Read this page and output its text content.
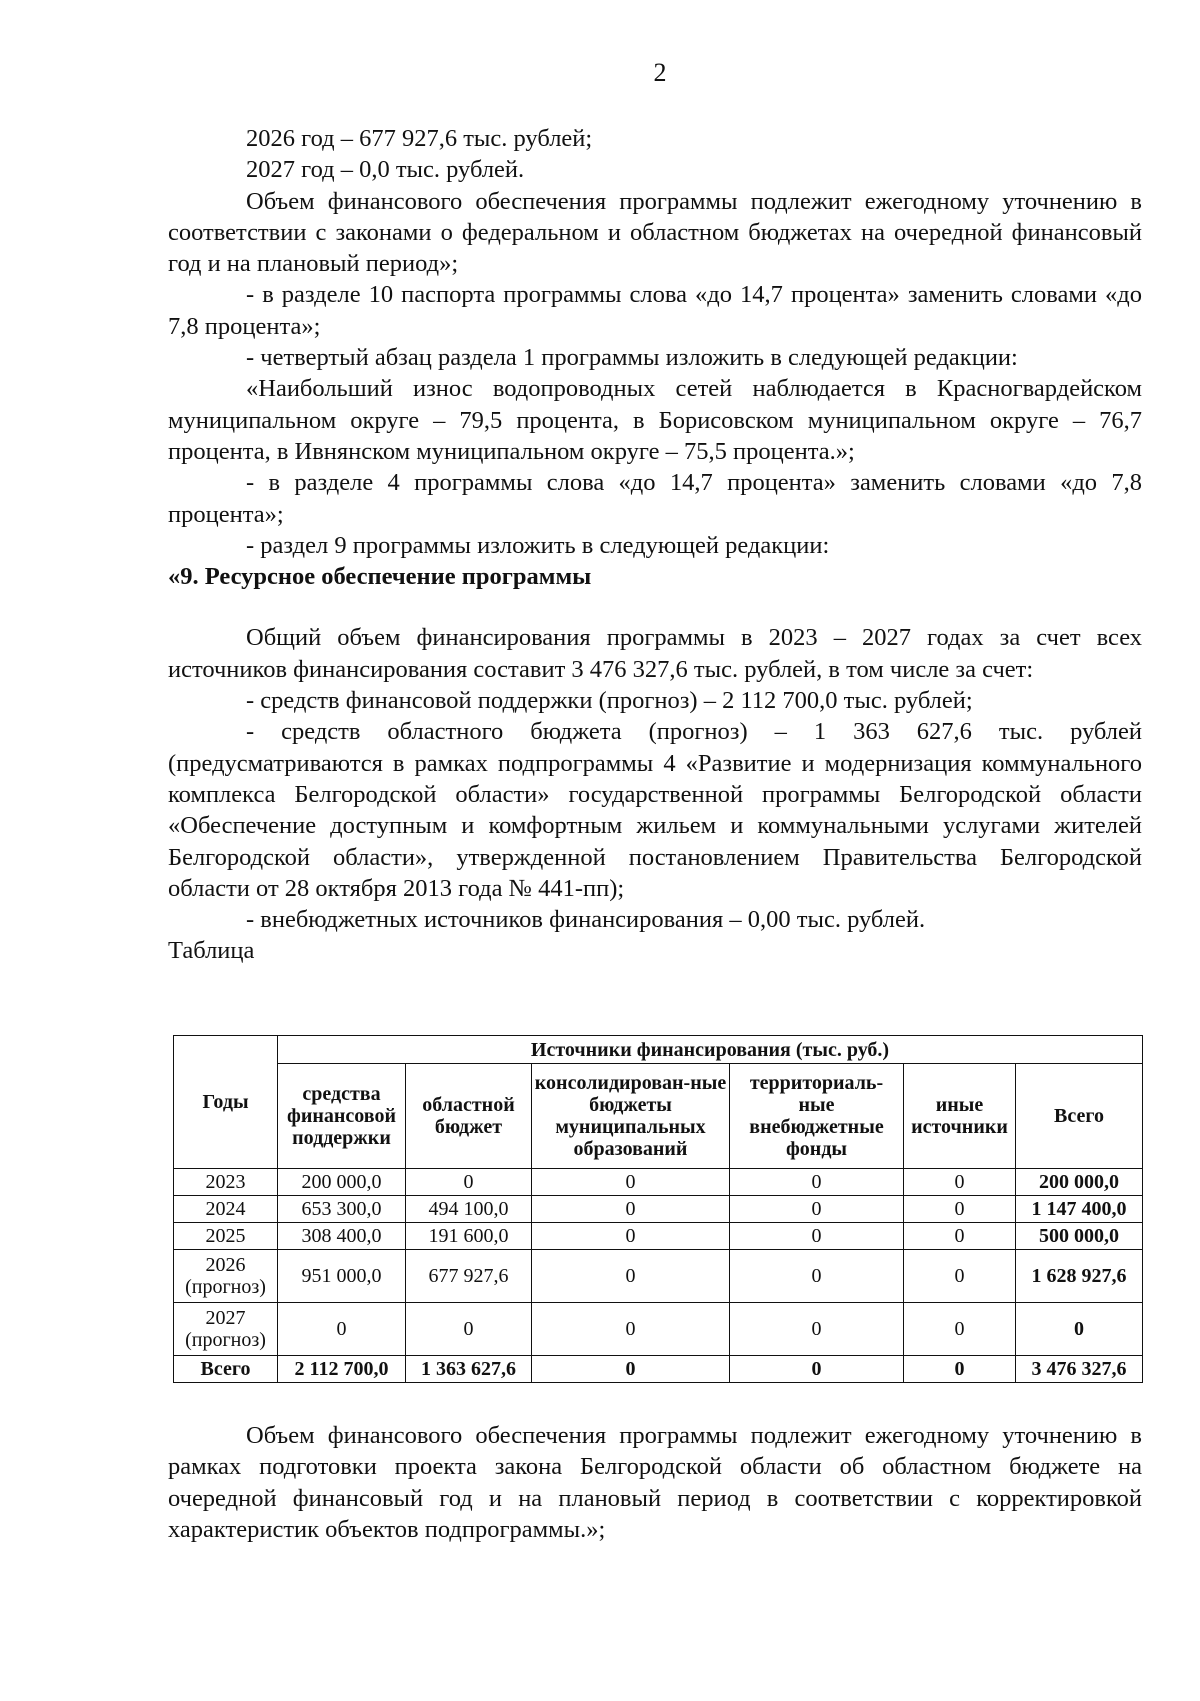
2

2026 год – 677 927,6 тыс. рублей;

2027 год – 0,0 тыс. рублей.

Объем финансового обеспечения программы подлежит ежегодному уточнению в соответствии с законами о федеральном и областном бюджетах на очередной финансовый год и на плановый период»;

- в разделе 10 паспорта программы слова «до 14,7 процента» заменить словами «до 7,8 процента»;

- четвертый абзац раздела 1 программы изложить в следующей редакции:

«Наибольший износ водопроводных сетей наблюдается в Красногвардейском муниципальном округе – 79,5 процента, в Борисовском муниципальном округе – 76,7 процента, в Ивнянском муниципальном округе – 75,5 процента.»;

- в разделе 4 программы слова «до 14,7 процента» заменить словами «до 7,8 процента»;

- раздел 9 программы изложить в следующей редакции:

«9. Ресурсное обеспечение программы

Общий объем финансирования программы в 2023 – 2027 годах за счет всех источников финансирования составит 3 476 327,6 тыс. рублей, в том числе за счет:

- средств финансовой поддержки (прогноз) – 2 112 700,0 тыс. рублей;

- средств областного бюджета (прогноз) – 1 363 627,6 тыс. рублей (предусматриваются в рамках подпрограммы 4 «Развитие и модернизация коммунального комплекса Белгородской области» государственной программы Белгородской области «Обеспечение доступным и комфортным жильем и коммунальными услугами жителей Белгородской области», утвержденной постановлением Правительства Белгородской области от 28 октября 2013 года № 441-пп);

- внебюджетных источников финансирования – 0,00 тыс. рублей.

Таблица

Годы	Источники финансирования (тыс. руб.)					
	средства финансовой поддержки	областной бюджет	консолидирован-ные бюджеты муниципальных образований	территориаль-ные внебюджетные фонды	иные источники	Всего
2023	200 000,0	0	0	0	0	200 000,0
2024	653 300,0	494 100,0	0	0	0	1 147 400,0
2025	308 400,0	191 600,0	0	0	0	500 000,0
2026 (прогноз)	951 000,0	677 927,6	0	0	0	1 628 927,6
2027 (прогноз)	0	0	0	0	0	0
Всего	2 112 700,0	1 363 627,6	0	0	0	3 476 327,6

Объем финансового обеспечения программы подлежит ежегодному уточнению в рамках подготовки проекта закона Белгородской области об областном бюджете на очередной финансовый год и на плановый период в соответствии с корректировкой характеристик объектов подпрограммы.»;
